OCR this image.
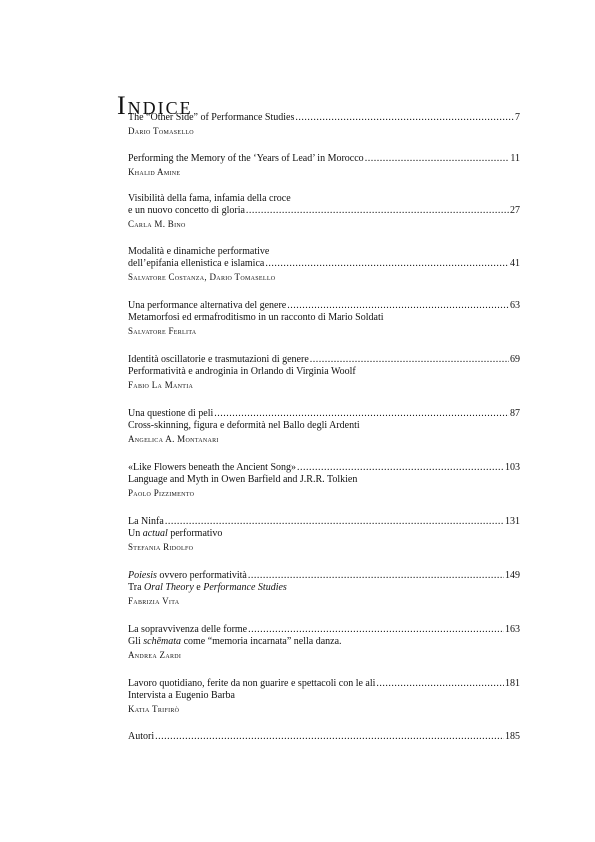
Indice
The “Other Side” of Performance Studies .....	7
Dario Tomasello
Performing the Memory of the ‘Years of Lead’ in Morocco .....	11
Khalid Amine
Visibilità della fama, infamia della croce
e un nuovo concetto di gloria .....	27
Carla M. Bino
Modalità e dinamiche performative
dell’epifania ellenistica e islamica .....	41
Salvatore Costanza, Dario Tomasello
Una performance alternativa del genere .....	63
Metamorfosi ed ermafroditismo in un racconto di Mario Soldati
Salvatore Ferlita
Identità oscillatorie e trasmutazioni di genere .....	69
Performatività e androginia in Orlando di Virginia Woolf
Fabio La Mantia
Una questione di peli .....	87
Cross-skinning, figura e deformità nel Ballo degli Ardenti
Angelica A. Montanari
«Like Flowers beneath the Ancient Song» .....	103
Language and Myth in Owen Barfield and J.R.R. Tolkien
Paolo Pizzimento
La Ninfa .....	131
Un actual performativo
Stefania Ridolfo
Poiesis ovvero performatività .....	149
Tra Oral Theory e Performance Studies
Fabrizia Vita
La sopravvivenza delle forme .....	163
Gli schēmata come “memoria incarnata” nella danza.
Andrea Zardi
Lavoro quotidiano, ferite da non guarire e spettacoli con le ali .....	181
Intervista a Eugenio Barba
Katia Trifirò
Autori .....	185
